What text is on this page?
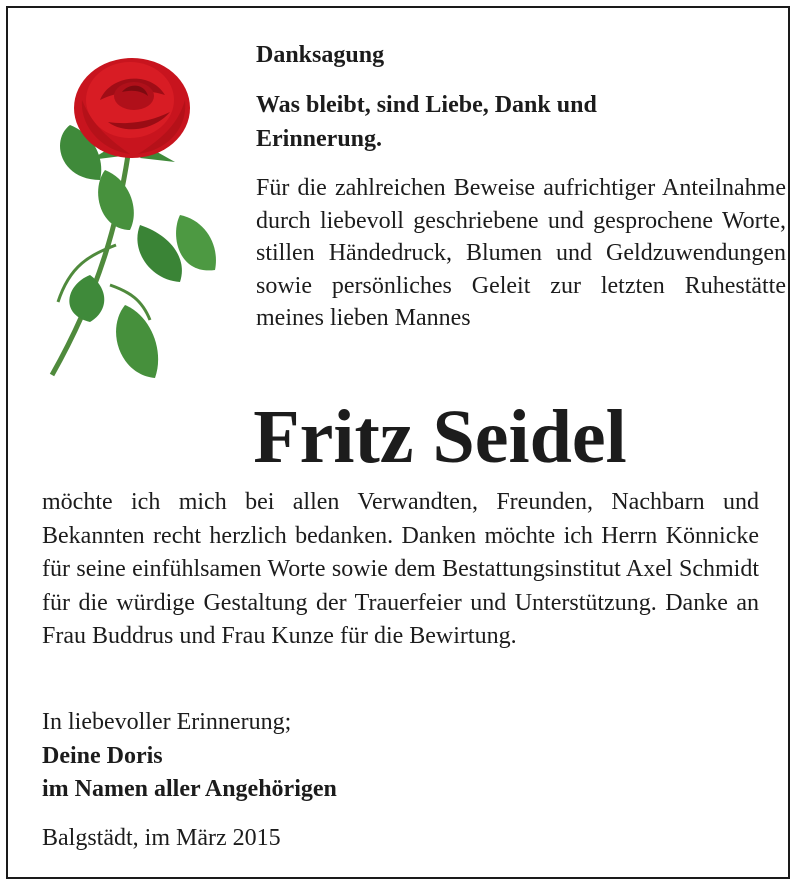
Danksagung

Was bleibt, sind Liebe, Dank und
Erinnerung.

Für die zahlreichen Beweise aufrichtiger Anteilnahme durch liebevoll geschriebene und gesprochene Worte, stillen Händedruck, Blumen und Geldzuwendungen sowie persönliches Geleit zur letzten Ruhestätte meines lieben Mannes

Fritz Seidel

möchte ich mich bei allen Verwandten, Freunden, Nachbarn und Bekannten recht herzlich bedanken. Danken möchte ich Herrn Könnicke für seine einfühlsamen Worte sowie dem Bestattungsinstitut Axel Schmidt für die würdige Gestaltung der Trauerfeier und Unterstützung. Danke an Frau Buddrus und Frau Kunze für die Bewirtung.

In liebevoller Erinnerung;
Deine Doris
im Namen aller Angehörigen
Balgstädt, im März 2015
